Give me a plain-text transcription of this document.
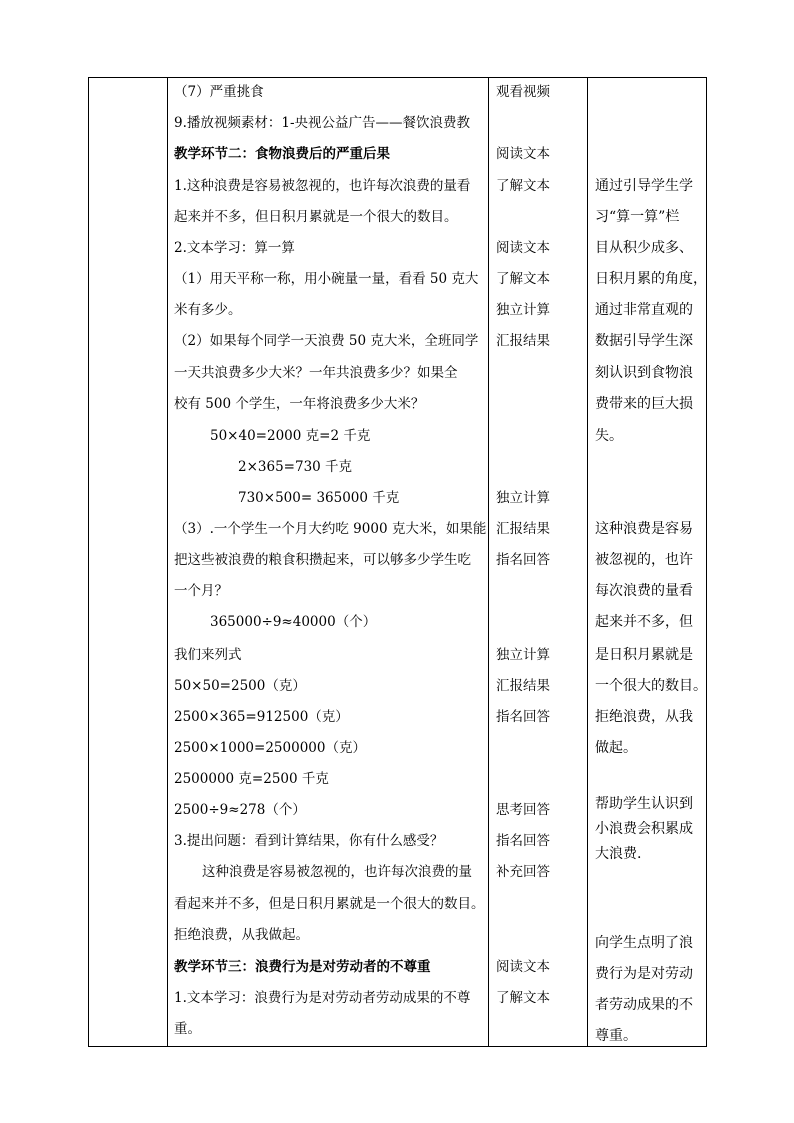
（7）严重挑食
9.播放视频素材：1-央视公益广告——餐饮浪费教
教学环节二：食物浪费后的严重后果
1.这种浪费是容易被忽视的，也许每次浪费的量看
起来并不多，但日积月累就是一个很大的数目。
2.文本学习：算一算
（1）用天平称一称，用小碗量一量，看看 50 克大
米有多少。
（2）如果每个同学一天浪费 50 克大米，全班同学
一天共浪费多少大米？一年共浪费多少？如果全
校有 500 个学生，一年将浪费多少大米？
50×40=2000 克=2 千克
2×365=730 千克
730×500= 365000 千克
（3）.一个学生一个月大约吃 9000 克大米，如果能
把这些被浪费的粮食积攒起来，可以够多少学生吃
一个月？
365000÷9≈40000（个）
我们来列式
50×50=2500（克）
2500×365=912500（克）
2500×1000=2500000（克）
2500000 克=2500 千克
2500÷9≈278（个）
3.提出问题：看到计算结果，你有什么感受？
这种浪费是容易被忽视的，也许每次浪费的量
看起来并不多，但是日积月累就是一个很大的数目。
拒绝浪费，从我做起。
教学环节三：浪费行为是对劳动者的不尊重
1.文本学习：浪费行为是对劳动者劳动成果的不尊
重。
观看视频
阅读文本
了解文本
阅读文本
了解文本
独立计算
汇报结果
独立计算
汇报结果
指名回答
独立计算
汇报结果
指名回答
思考回答
指名回答
补充回答
阅读文本
了解文本
通过引导学生学
习“算一算”栏
目从积少成多、
日积月累的角度，
通过非常直观的
数据引导学生深
刻认识到食物浪
费带来的巨大损
失。
这种浪费是容易
被忽视的，也许
每次浪费的量看
起来并不多，但
是日积月累就是
一个很大的数目。
拒绝浪费，从我
做起。
帮助学生认识到
小浪费会积累成
大浪费.
向学生点明了浪
费行为是对劳动
者劳动成果的不
尊重。
